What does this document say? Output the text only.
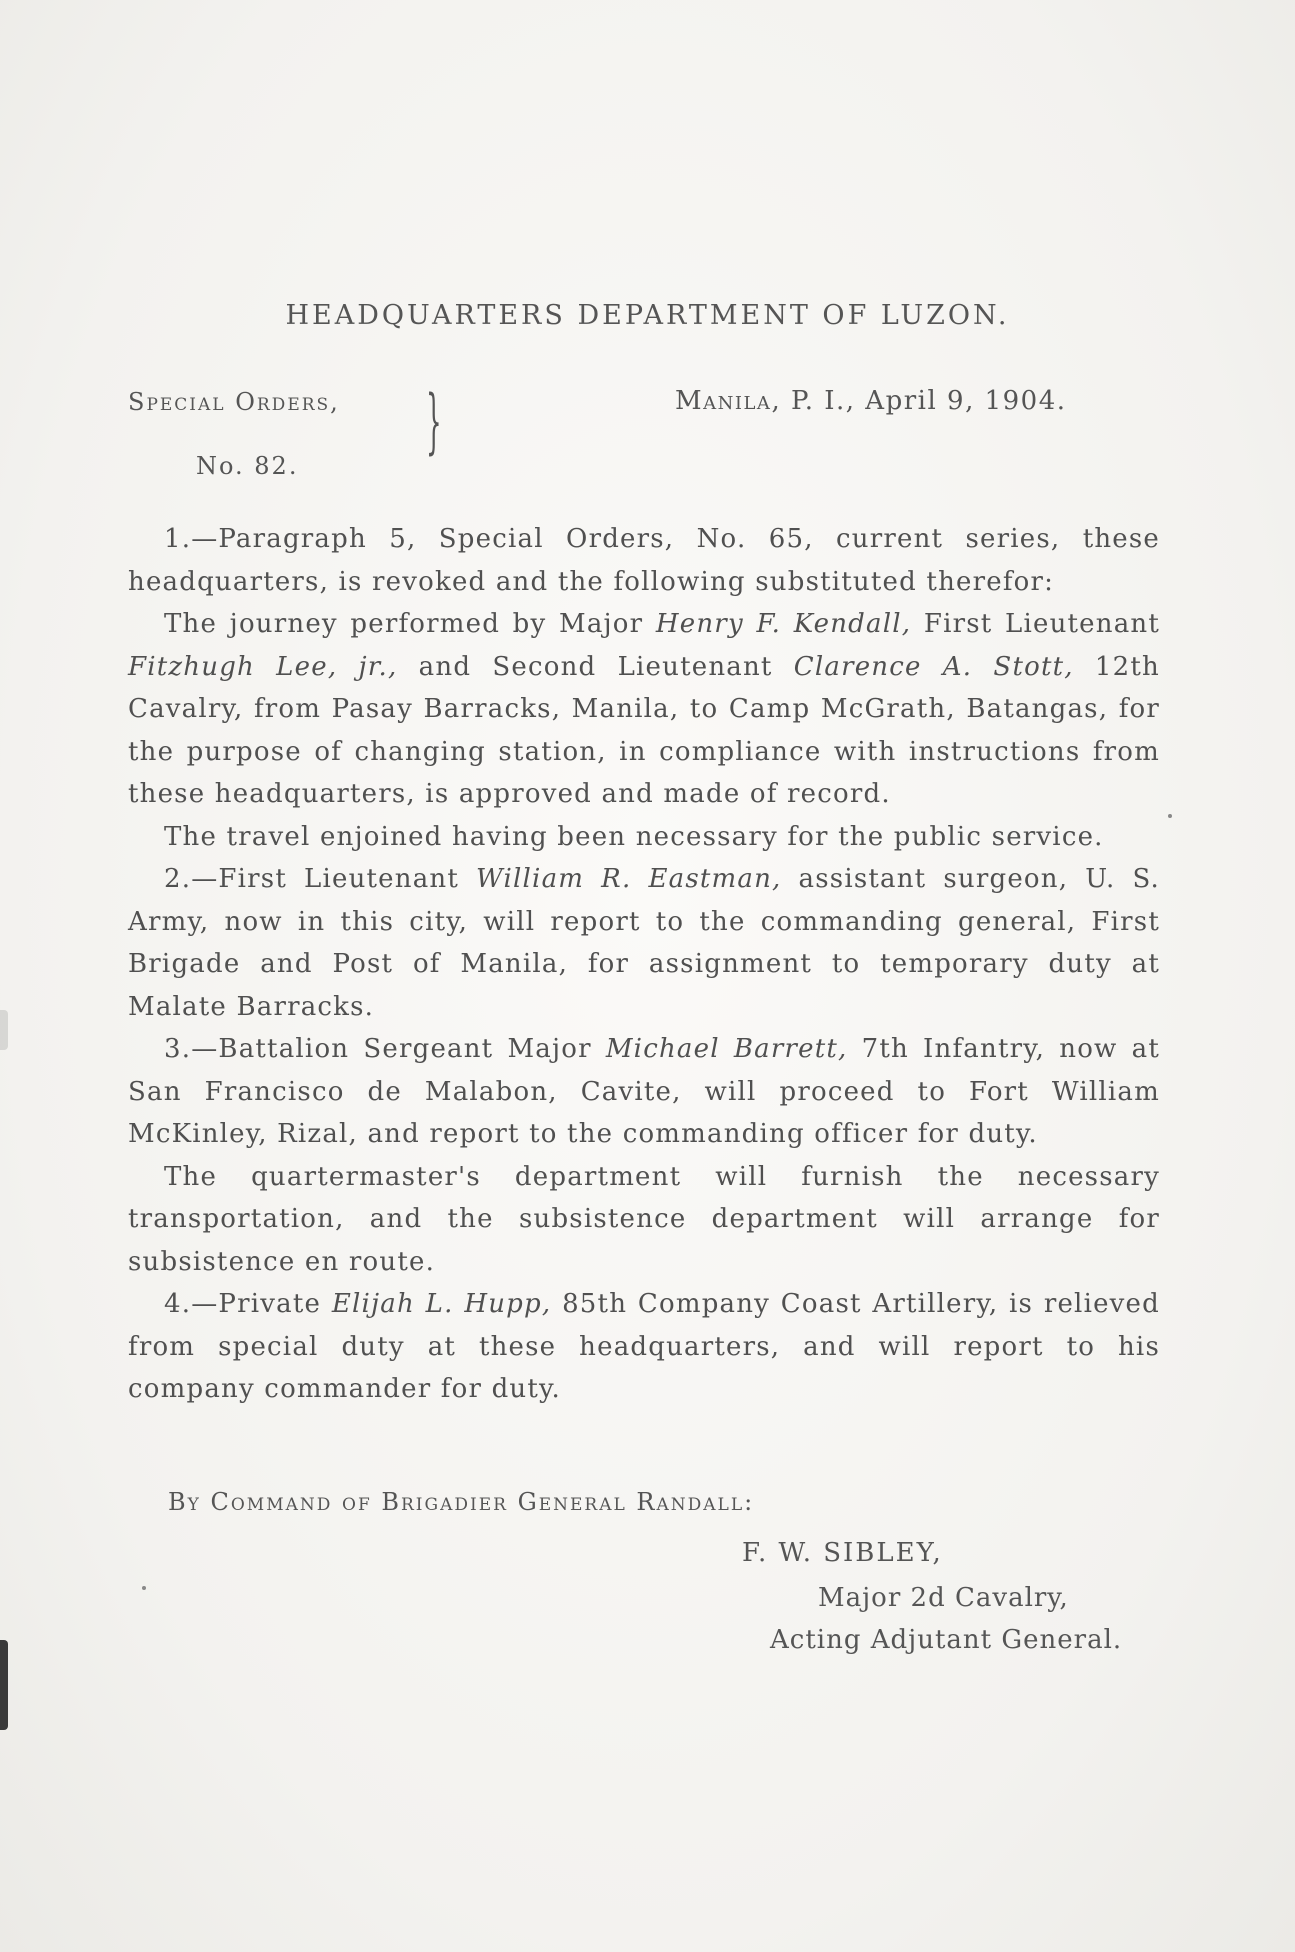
HEADQUARTERS DEPARTMENT OF LUZON.
Special Orders,
No. 82.
}	Manila, P. I., April 9, 1904.

1.—Paragraph 5, Special Orders, No. 65, current series, these headquarters, is revoked and the following substituted therefor:

The journey performed by Major Henry F. Kendall, First Lieutenant Fitzhugh Lee, jr., and Second Lieutenant Clarence A. Stott, 12th Cavalry, from Pasay Barracks, Manila, to Camp McGrath, Batangas, for the purpose of changing station, in compliance with instructions from these headquarters, is approved and made of record.

The travel enjoined having been necessary for the public service.

2.—First Lieutenant William R. Eastman, assistant surgeon, U. S. Army, now in this city, will report to the commanding general, First Brigade and Post of Manila, for assignment to temporary duty at Malate Barracks.

3.—Battalion Sergeant Major Michael Barrett, 7th Infantry, now at San Francisco de Malabon, Cavite, will proceed to Fort William McKinley, Rizal, and report to the commanding officer for duty.

The quartermaster's department will furnish the necessary transportation, and the subsistence department will arrange for subsistence en route.

4.—Private Elijah L. Hupp, 85th Company Coast Artillery, is relieved from special duty at these headquarters, and will report to his company commander for duty.

By Command of Brigadier General Randall:
F. W. SIBLEY,
Major 2d Cavalry,
Acting Adjutant General.
